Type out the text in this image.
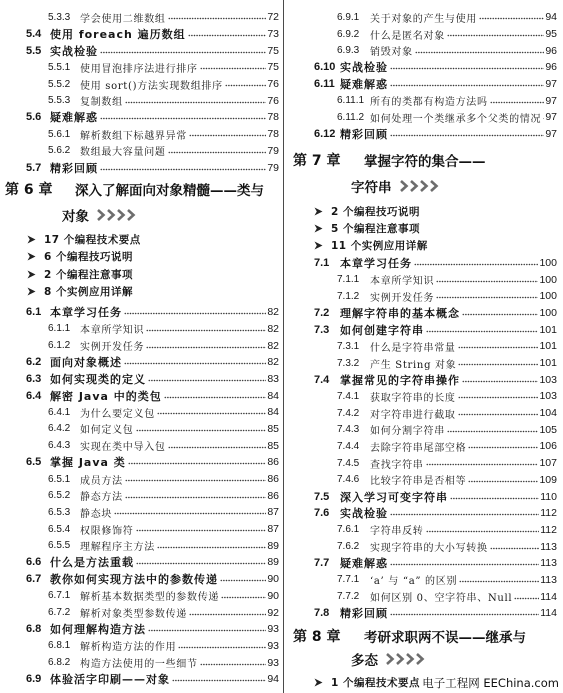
5.3.3 学会使用二维数组	72
5.4 使用 foreach 遍历数组	73
5.5 实战检验	75
5.5.1 使用冒泡排序法进行排序	75
5.5.2 使用 sort()方法实现数组排序	76
5.5.3 复制数组	76
5.6 疑难解惑	78
5.6.1 解析数组下标越界异常	78
5.6.2 数组最大容量问题	79
5.7 精彩回顾	79
第 6 章	深入了解面向对象精髓——类与
对象
17 个编程技术要点
6 个编程技巧说明
2 个编程注意事项
8 个实例应用详解
6.1 本章学习任务	82
6.1.1 本章所学知识	82
6.1.2 实例开发任务	82
6.2 面向对象概述	82
6.3 如何实现类的定义	83
6.4 解密 Java 中的类包	84
6.4.1 为什么要定义包	84
6.4.2 如何定义包	85
6.4.3 实现在类中导入包	85
6.5 掌握 Java 类	86
6.5.1 成员方法	86
6.5.2 静态方法	86
6.5.3 静态块	87
6.5.4 权限修饰符	87
6.5.5 理解程序主方法	89
6.6 什么是方法重载	89
6.7 教你如何实现方法中的参数传递	90
6.7.1 解析基本数据类型的参数传递	90
6.7.2 解析对象类型参数传递	92
6.8 如何理解构造方法	93
6.8.1 解析构造方法的作用	93
6.8.2 构造方法使用的一些细节	93
6.9 体验活字印刷——对象	94
6.9.1	关于对象的产生与使用	94
6.9.2	什么是匿名对象	95
6.9.3	销毁对象	96
6.10 实战检验	96
6.11 疑难解惑	97
6.11.1 所有的类都有构造方法吗	97
6.11.2 如何处理一个类继承多个父类的情况 97
6.12 精彩回顾	97
第 7 章	掌握字符的集合——
字符串
2 个编程技巧说明
5 个编程注意事项
11 个实例应用详解
7.1 本章学习任务	100
7.1.1	本章所学知识	100
7.1.2	实例开发任务	100
7.2 理解字符串的基本概念	100
7.3 如何创建字符串	101
7.3.1	什么是字符串常量	101
7.3.2	产生 String 对象	101
7.4 掌握常见的字符串操作	103
7.4.1	获取字符串的长度	103
7.4.2	对字符串进行截取	104
7.4.3	如何分割字符串	105
7.4.4	去除字符串尾部空格	106
7.4.5	查找字符串	107
7.4.6	比较字符串是否相等	109
7.5 深入学习可变字符串	110
7.6 实战检验	112
7.6.1	字符串反转	112
7.6.2	实现字符串的大小写转换	113
7.7 疑难解惑	113
7.7.1	‘a’ 与 “a” 的区别	113
7.7.2	如何区别 0、空字符串、Null	114
7.8 精彩回顾	114
第 8 章	考研求职两不误——继承与
多态
1 个编程技术要点 电子工程网 EEChina.com
